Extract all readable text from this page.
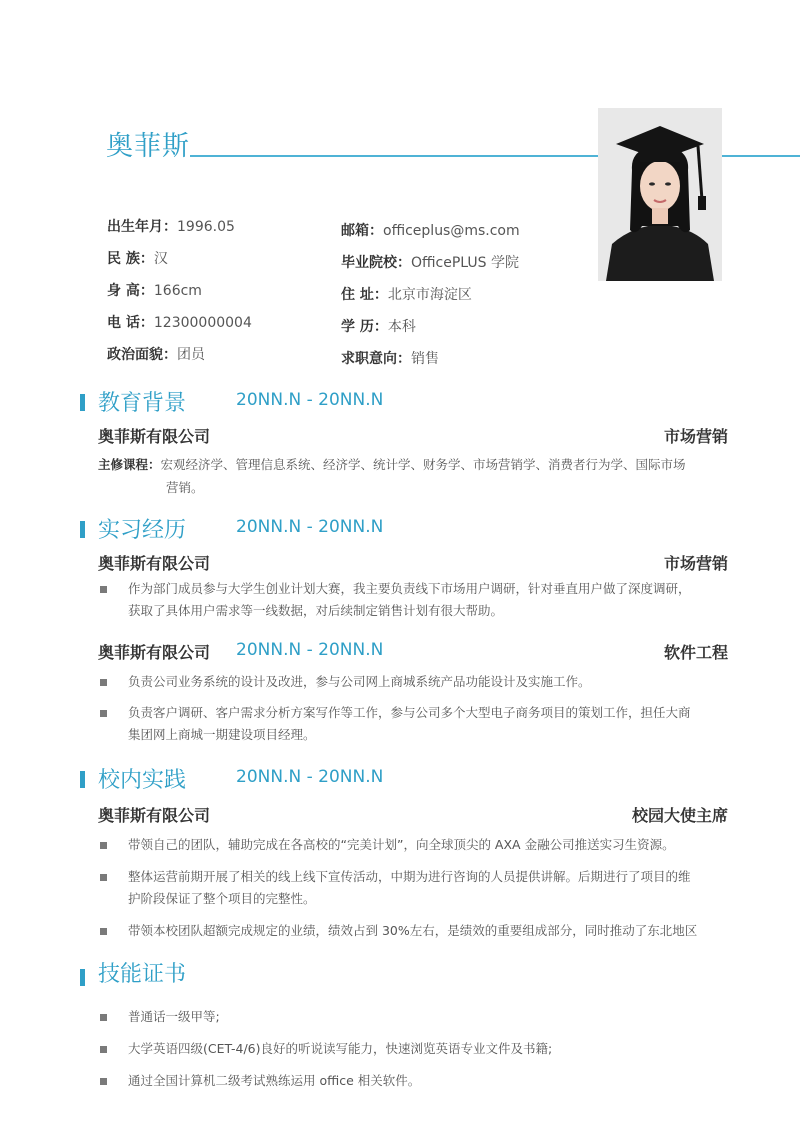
奥菲斯
出生年月：1996.05
民 族：汉
身 高：166cm
电 话：12300000004
政治面貌：团员
邮箱：officeplus@ms.com
毕业院校：OfficePLUS 学院
住 址：北京市海淀区
学 历：本科
求职意向：销售
教育背景	20NN.N - 20NN.N
奥菲斯有限公司	市场营销
主修课程：宏观经济学、管理信息系统、经济学、统计学、财务学、市场营销学、消费者行为学、国际市场
营销。
实习经历	20NN.N - 20NN.N
奥菲斯有限公司	市场营销
作为部门成员参与大学生创业计划大赛，我主要负责线下市场用户调研，针对垂直用户做了深度调研，
获取了具体用户需求等一线数据，对后续制定销售计划有很大帮助。
奥菲斯有限公司 20NN.N - 20NN.N	软件工程
负责公司业务系统的设计及改进，参与公司网上商城系统产品功能设计及实施工作。
负责客户调研、客户需求分析方案写作等工作，参与公司多个大型电子商务项目的策划工作，担任大商
集团网上商城一期建设项目经理。
校内实践	20NN.N - 20NN.N
奥菲斯有限公司	校园大使主席
带领自己的团队，辅助完成在各高校的“完美计划”，向全球顶尖的 AXA 金融公司推送实习生资源。
整体运营前期开展了相关的线上线下宣传活动，中期为进行咨询的人员提供讲解。后期进行了项目的维
护阶段保证了整个项目的完整性。
带领本校团队超额完成规定的业绩，绩效占到 30%左右，是绩效的重要组成部分，同时推动了东北地区
技能证书
普通话一级甲等;
大学英语四级(CET-4/6)良好的听说读写能力，快速浏览英语专业文件及书籍;
通过全国计算机二级考试熟练运用 office 相关软件。
